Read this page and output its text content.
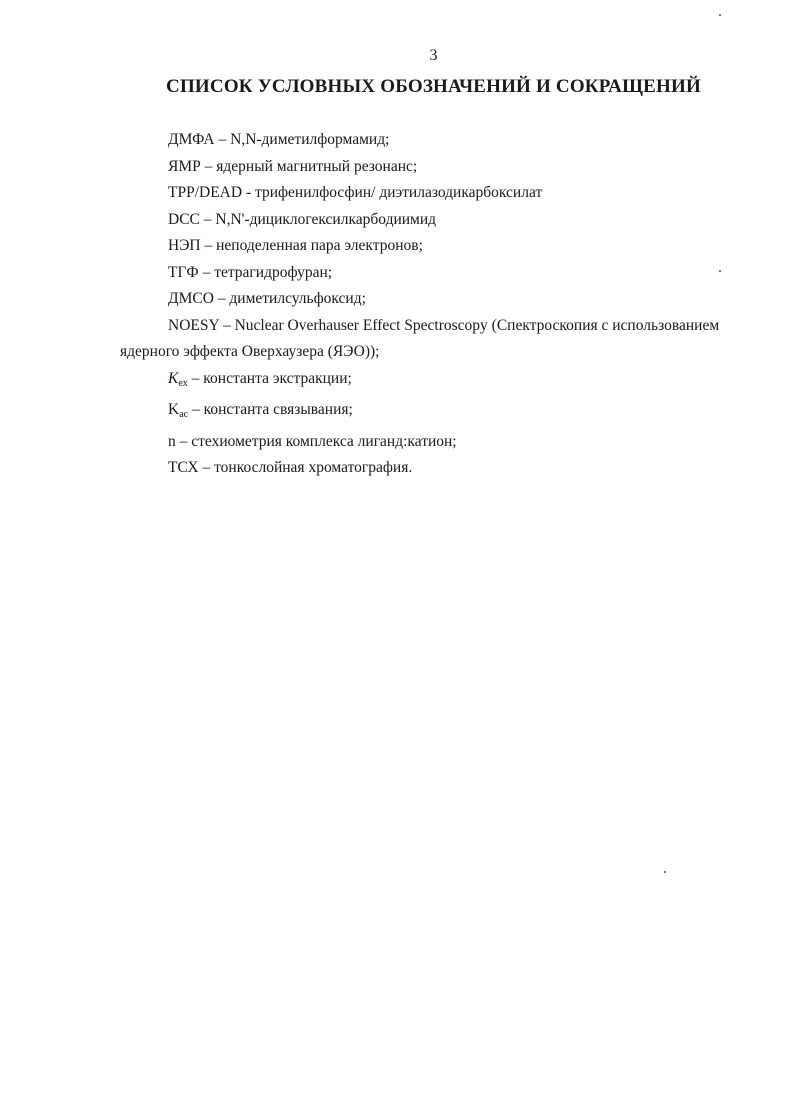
3
СПИСОК УСЛОВНЫХ ОБОЗНАЧЕНИЙ И СОКРАЩЕНИЙ

ДМФА – N,N-диметилформамид;

ЯМР – ядерный магнитный резонанс;

TPP/DEAD - трифенилфосфин/ диэтилазодикарбоксилат

DCC – N,N'-дициклогексилкарбодиимид

НЭП – неподеленная пара электронов;

ТГФ – тетрагидрофуран;

ДМСО – диметилсульфоксид;

NOESY – Nuclear Overhauser Effect Spectroscopy (Спектроскопия с использованием ядерного эффекта Оверхаузера (ЯЭО));

$K_{ex}$ – константа экстракции;

$K_{ac}$ – константа связывания;

n – стехиометрия комплекса лиганд:катион;

ТСХ – тонкослойная хроматография.
